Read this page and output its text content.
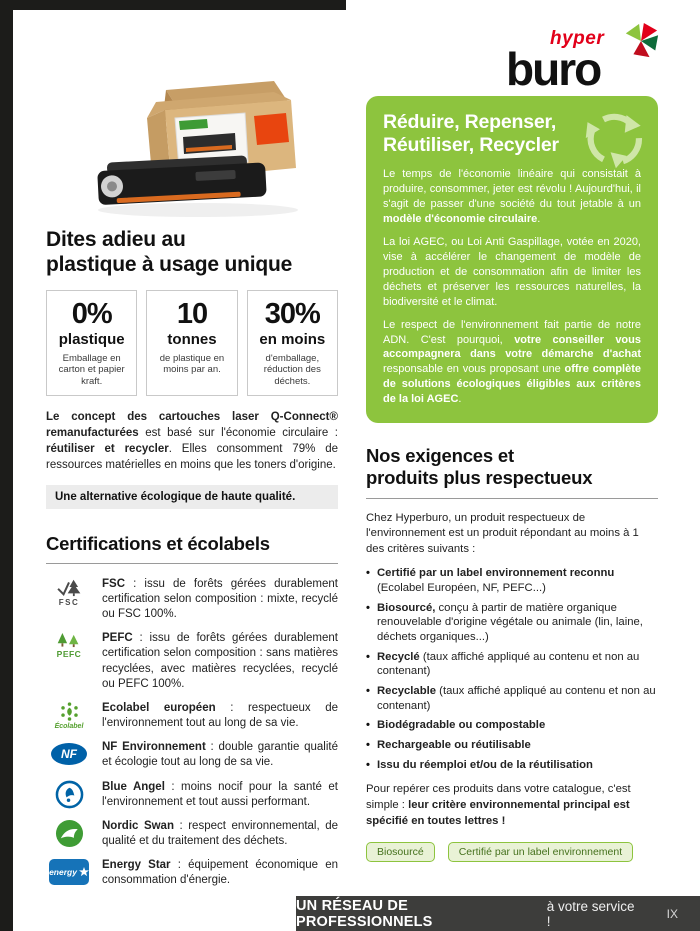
hyper
buro
Dites adieu au
plastique à usage unique
0%
plastique
Emballage en carton et papier kraft.
10
tonnes
de plastique en moins par an.
30%
en moins
d'emballage, réduction des déchets.

Le concept des cartouches laser Q-Connect® remanufacturées est basé sur l'économie circulaire : réutiliser et recycler. Elles consomment 79% de ressources matérielles en moins que les toners d'origine.

Une alternative écologique de haute qualité.
Certifications et écolabels
FSC

FSC : issu de forêts gérées durablement certification selon composition : mixte, recyclé ou FSC 100%.

PEFC

PEFC : issu de forêts gérées durablement certification selon composition : sans matières recyclées, avec matières recyclées, recyclé ou PEFC 100%.

Écolabel

Ecolabel européen : respectueux de l'environnement tout au long de sa vie.

NF NF Environnement : double garantie qualité et écologie tout au long de sa vie.

Blue Angel : moins nocif pour la santé et l'environnement et tout aussi performant.

Nordic Swan : respect environnemental, de qualité et du traitement des déchets.

energy

Energy Star : équipement économique en consommation d'énergie.

Réduire, Repenser,
Réutiliser, Recycler

Le temps de l'économie linéaire qui consistait à produire, consommer, jeter est révolu ! Aujourd'hui, il s'agit de passer d'une société du tout jetable à un modèle d'économie circulaire.

La loi AGEC, ou Loi Anti Gaspillage, votée en 2020, vise à accélérer le changement de modèle de production et de consommation afin de limiter les déchets et préserver les ressources naturelles, la biodiversité et le climat.

Le respect de l'environnement fait partie de notre ADN. C'est pourquoi, votre conseiller vous accompagnera dans votre démarche d'achat responsable en vous proposant une offre complète de solutions écologiques éligibles aux critères de la loi AGEC.

Nos exigences et
produits plus respectueux

Chez Hyperburo, un produit respectueux de l'environnement est un produit répondant au moins à 1 des critères suivants :

• Certifié par un label environnement reconnu (Ecolabel Européen, NF, PEFC...)
• Biosourcé, conçu à partir de matière organique renouvelable d'origine végétale ou animale (lin, laine, déchets organiques...)
• Recyclé (taux affiché appliqué au contenu et non au contenant)
• Recyclable (taux affiché appliqué au contenu et non au contenant)
• Biodégradable ou compostable
• Rechargeable ou réutilisable
• Issu du réemploi et/ou de la réutilisation

Pour repérer ces produits dans votre catalogue, c'est simple : leur critère environnemental principal est spécifié en toutes lettres !

Biosourcé	Certifié par un label environnement
UN RÉSEAU DE PROFESSIONNELS
à votre service !	IX
